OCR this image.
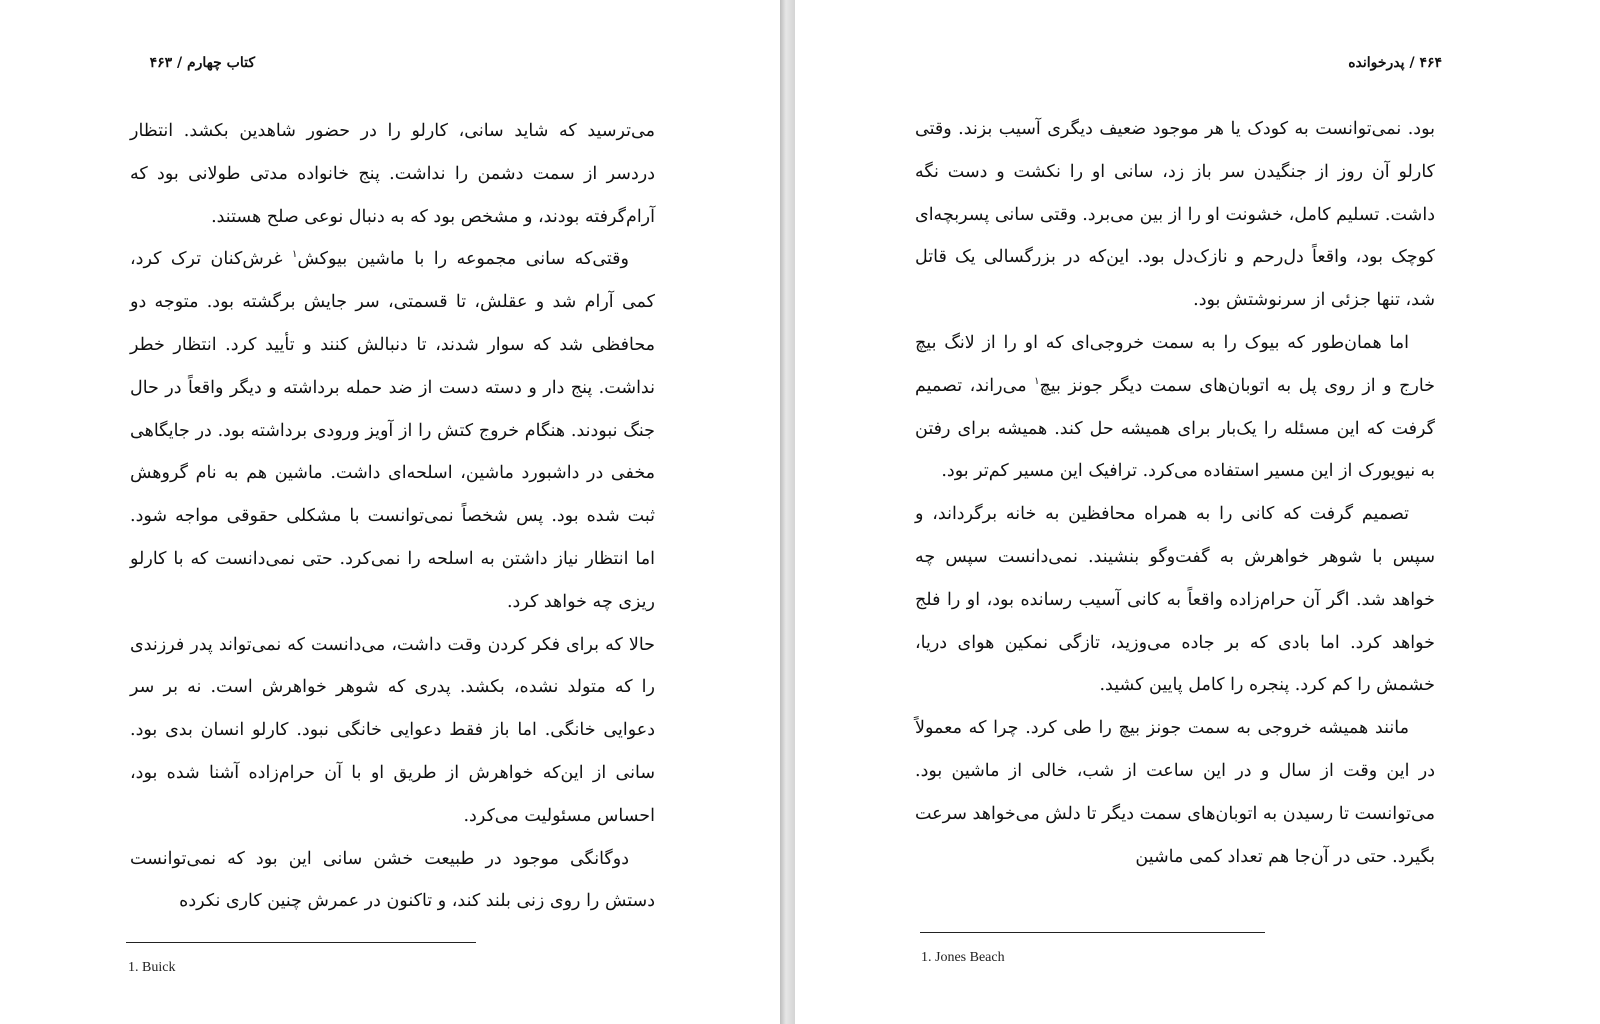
کتاب چهارم / ۴۶۳

می‌ترسید که شاید سانی، کارلو را در حضور شاهدین بکشد. انتظار دردسر از سمت دشمن را نداشت. پنج خانواده مدتی طولانی بود که آرام‌گرفته بودند، و مشخص بود که به دنبال نوعی صلح هستند.

وقتی‌که سانی مجموعه را با ماشین بیوکش$^۱$ غرش‌کنان ترک کرد، کمی آرام شد و عقلش، تا قسمتی، سر جایش برگشته بود. متوجه دو محافظی شد که سوار شدند، تا دنبالش کنند و تأیید کرد. انتظار خطر نداشت. پنج دار و دسته دست از ضد حمله برداشته و دیگر واقعاً در حال جنگ نبودند. هنگام خروج کتش را از آویز ورودی برداشته بود. در جایگاهی مخفی در داشبورد ماشین، اسلحه‌ای داشت. ماشین هم به نام گروهش ثبت شده بود. پس شخصاً نمی‌توانست با مشکلی حقوقی مواجه شود. اما انتظار نیاز داشتن به اسلحه را نمی‌کرد. حتی نمی‌دانست که با کارلو ریزی چه خواهد کرد.

حالا که برای فکر کردن وقت داشت، می‌دانست که نمی‌تواند پدر فرزندی را که متولد نشده، بکشد. پدری که شوهر خواهرش است. نه بر سر دعوایی خانگی. اما باز فقط دعوایی خانگی نبود. کارلو انسان بدی بود. سانی از این‌که خواهرش از طریق او با آن حرام‌زاده آشنا شده بود، احساس مسئولیت می‌کرد.

دوگانگی موجود در طبیعت خشن سانی این بود که نمی‌توانست دستش را روی زنی بلند کند، و تاکنون در عمرش چنین کاری نکرده

1. Buick
۴۶۴ / پدرخوانده

بود. نمی‌توانست به کودک یا هر موجود ضعیف دیگری آسیب بزند. وقتی کارلو آن روز از جنگیدن سر باز زد، سانی او را نکشت و دست نگه داشت. تسلیم کامل، خشونت او را از بین می‌برد. وقتی سانی پسربچه‌ای کوچک بود، واقعاً دل‌رحم و نازک‌دل بود. این‌که در بزرگسالی یک قاتل شد، تنها جزئی از سرنوشتش بود.

اما همان‌طور که بیوک را به سمت خروجی‌ای که او را از لانگ بیچ خارج و از روی پل به اتوبان‌های سمت دیگر جونز بیچ$^۱$ می‌راند، تصمیم گرفت که این مسئله را یک‌بار برای همیشه حل کند. همیشه برای رفتن به نیویورک از این مسیر استفاده می‌کرد. ترافیک این مسیر کم‌تر بود.

تصمیم گرفت که کانی را به همراه محافظین به خانه برگرداند، و سپس با شوهر خواهرش به گفت‌وگو بنشیند. نمی‌دانست سپس چه خواهد شد. اگر آن حرام‌زاده واقعاً به کانی آسیب رسانده بود، او را فلج خواهد کرد. اما بادی که بر جاده می‌وزید، تازگی نمکین هوای دریا، خشمش را کم کرد. پنجره را کامل پایین کشید.

مانند همیشه خروجی به سمت جونز بیچ را طی کرد. چرا که معمولاً در این وقت از سال و در این ساعت از شب، خالی از ماشین بود. می‌توانست تا رسیدن به اتوبان‌های سمت دیگر تا دلش می‌خواهد سرعت بگیرد. حتی در آن‌جا هم تعداد کمی ماشین

1. Jones Beach
